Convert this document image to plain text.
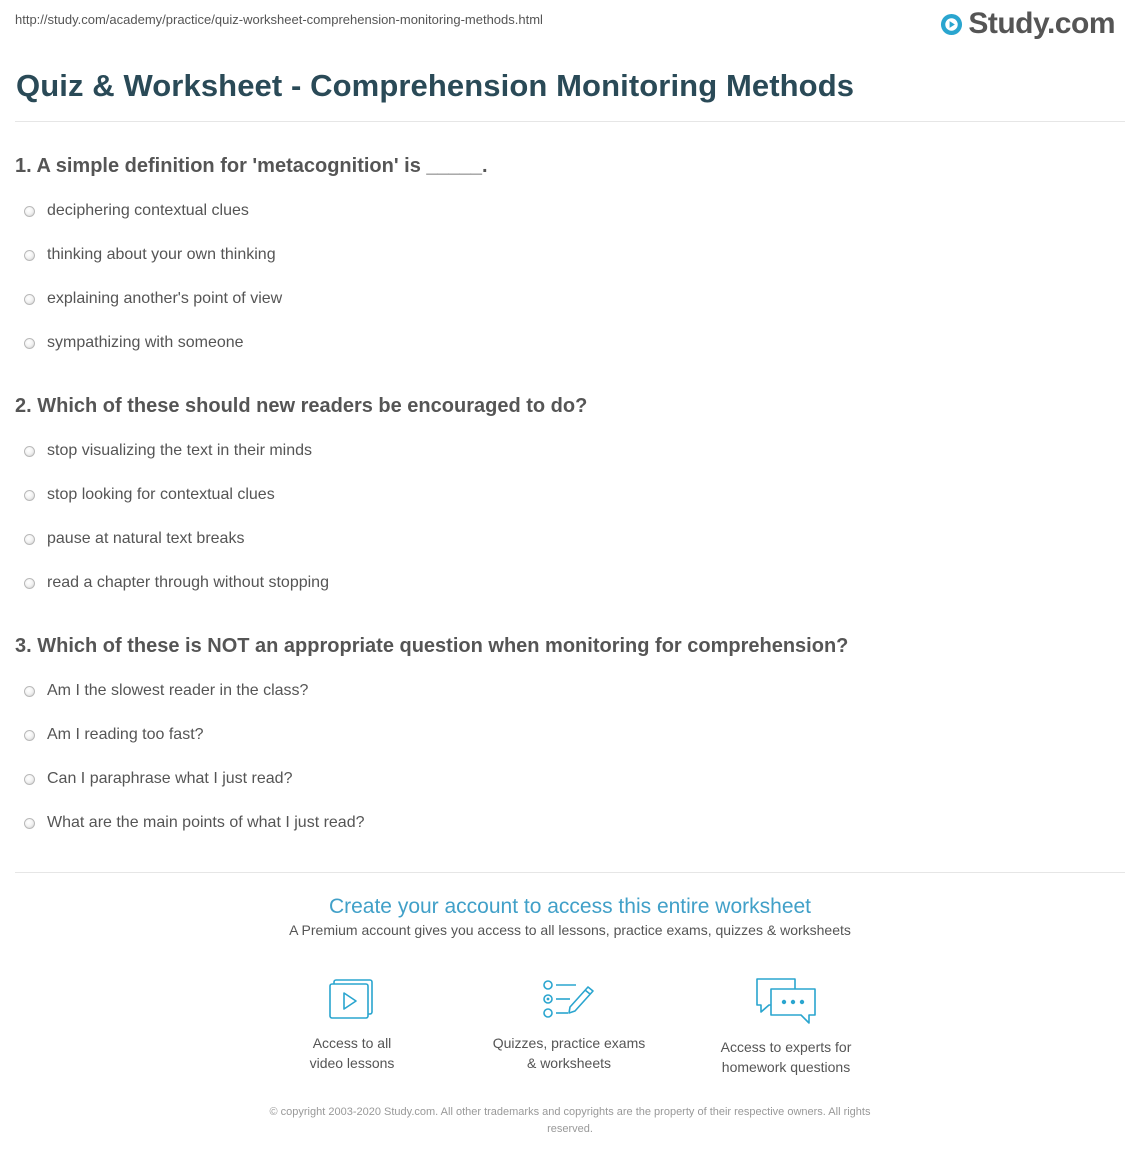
http://study.com/academy/practice/quiz-worksheet-comprehension-monitoring-methods.html	Study.com
Quiz & Worksheet - Comprehension Monitoring Methods
1. A simple definition for 'metacognition' is _____.
deciphering contextual clues
thinking about your own thinking
explaining another's point of view
sympathizing with someone
2. Which of these should new readers be encouraged to do?
stop visualizing the text in their minds
stop looking for contextual clues
pause at natural text breaks
read a chapter through without stopping
3. Which of these is NOT an appropriate question when monitoring for comprehension?
Am I the slowest reader in the class?
Am I reading too fast?
Can I paraphrase what I just read?
What are the main points of what I just read?
Create your account to access this entire worksheet
A Premium account gives you access to all lessons, practice exams, quizzes & worksheets
Access to all
video lessons
Quizzes, practice exams
& worksheets
Access to experts for
homework questions
© copyright 2003-2020 Study.com. All other trademarks and copyrights are the property of their respective owners. All rights
reserved.
